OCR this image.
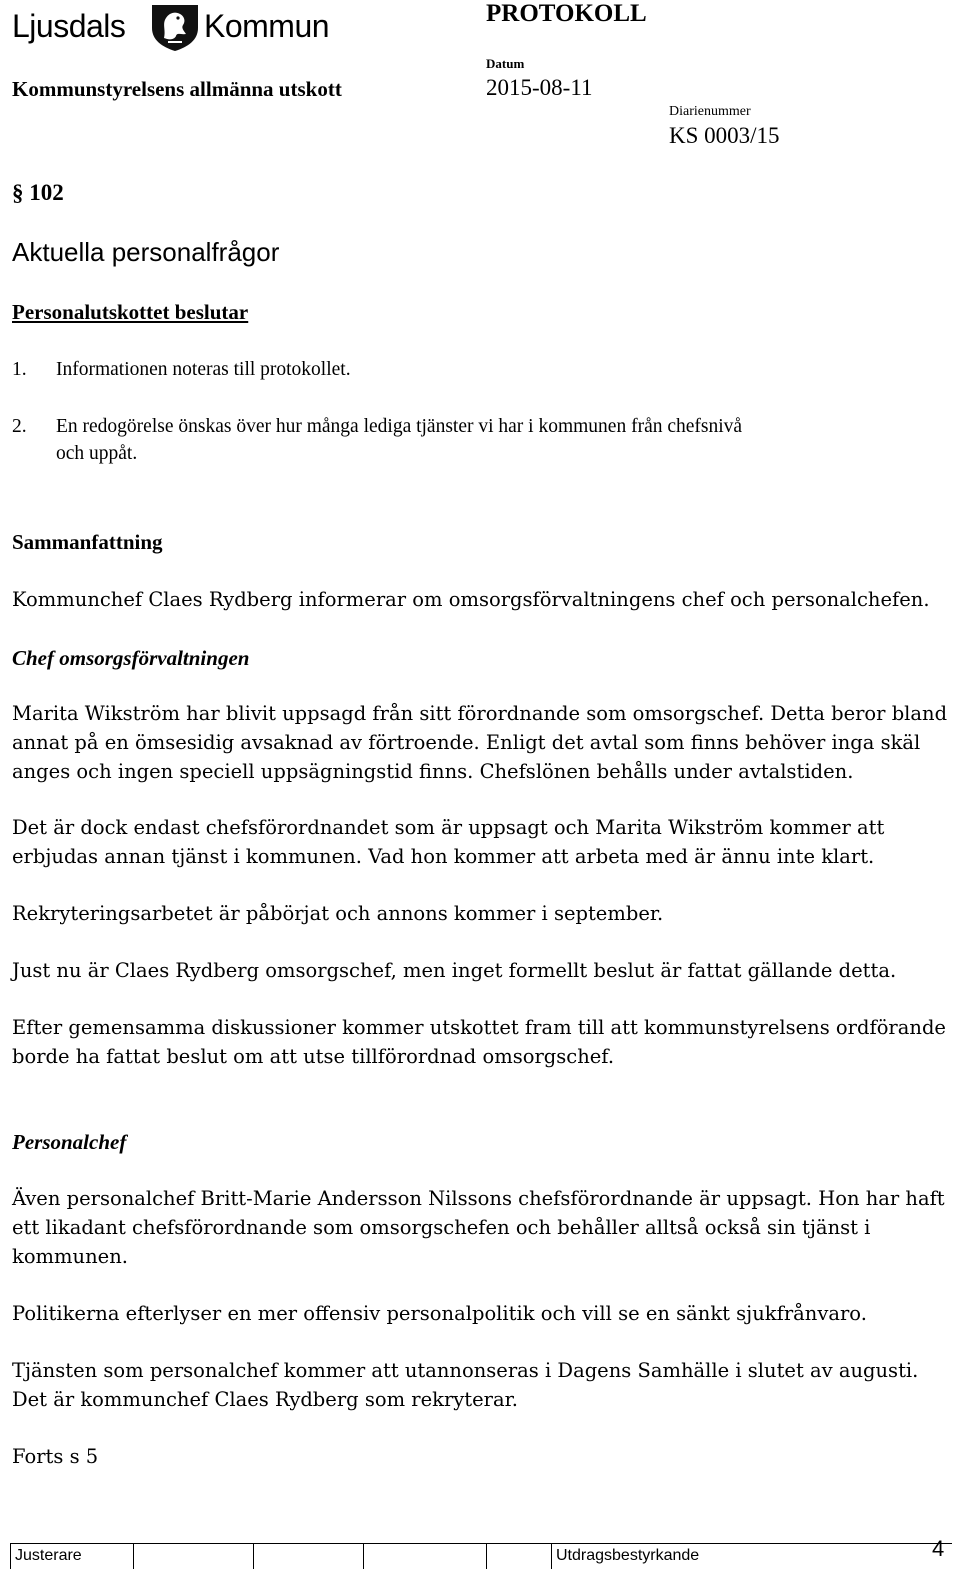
Ljusdals Kommun	PROTOKOLL
Kommunstyrelsens allmänna utskott
Datum
2015-08-11
Diarienummer
KS 0003/15
§ 102
Aktuella personalfrågor
Personalutskottet beslutar
1. Informationen noteras till protokollet.
2. En redogörelse önskas över hur många lediga tjänster vi har i kommunen från chefsnivå
och uppåt.
Sammanfattning
Kommunchef Claes Rydberg informerar om omsorgsförvaltningens chef och personalchefen.
Chef omsorgsförvaltningen
Marita Wikström har blivit uppsagd från sitt förordnande som omsorgschef. Detta beror bland
annat på en ömsesidig avsaknad av förtroende. Enligt det avtal som finns behöver inga skäl
anges och ingen speciell uppsägningstid finns. Chefslönen behålls under avtalstiden.
Det är dock endast chefsförordnandet som är uppsagt och Marita Wikström kommer att
erbjudas annan tjänst i kommunen. Vad hon kommer att arbeta med är ännu inte klart.
Rekryteringsarbetet är påbörjat och annons kommer i september.
Just nu är Claes Rydberg omsorgschef, men inget formellt beslut är fattat gällande detta.
Efter gemensamma diskussioner kommer utskottet fram till att kommunstyrelsens ordförande
borde ha fattat beslut om att utse tillförordnad omsorgschef.
Personalchef
Även personalchef Britt-Marie Andersson Nilssons chefsförordnande är uppsagt. Hon har haft
ett likadant chefsförordnande som omsorgschefen och behåller alltså också sin tjänst i
kommunen.
Politikerna efterlyser en mer offensiv personalpolitik och vill se en sänkt sjukfrånvaro.
Tjänsten som personalchef kommer att utannonseras i Dagens Samhälle i slutet av augusti.
Det är kommunchef Claes Rydberg som rekryterar.
Forts s 5
Justerare	Utdragsbestyrkande	4
